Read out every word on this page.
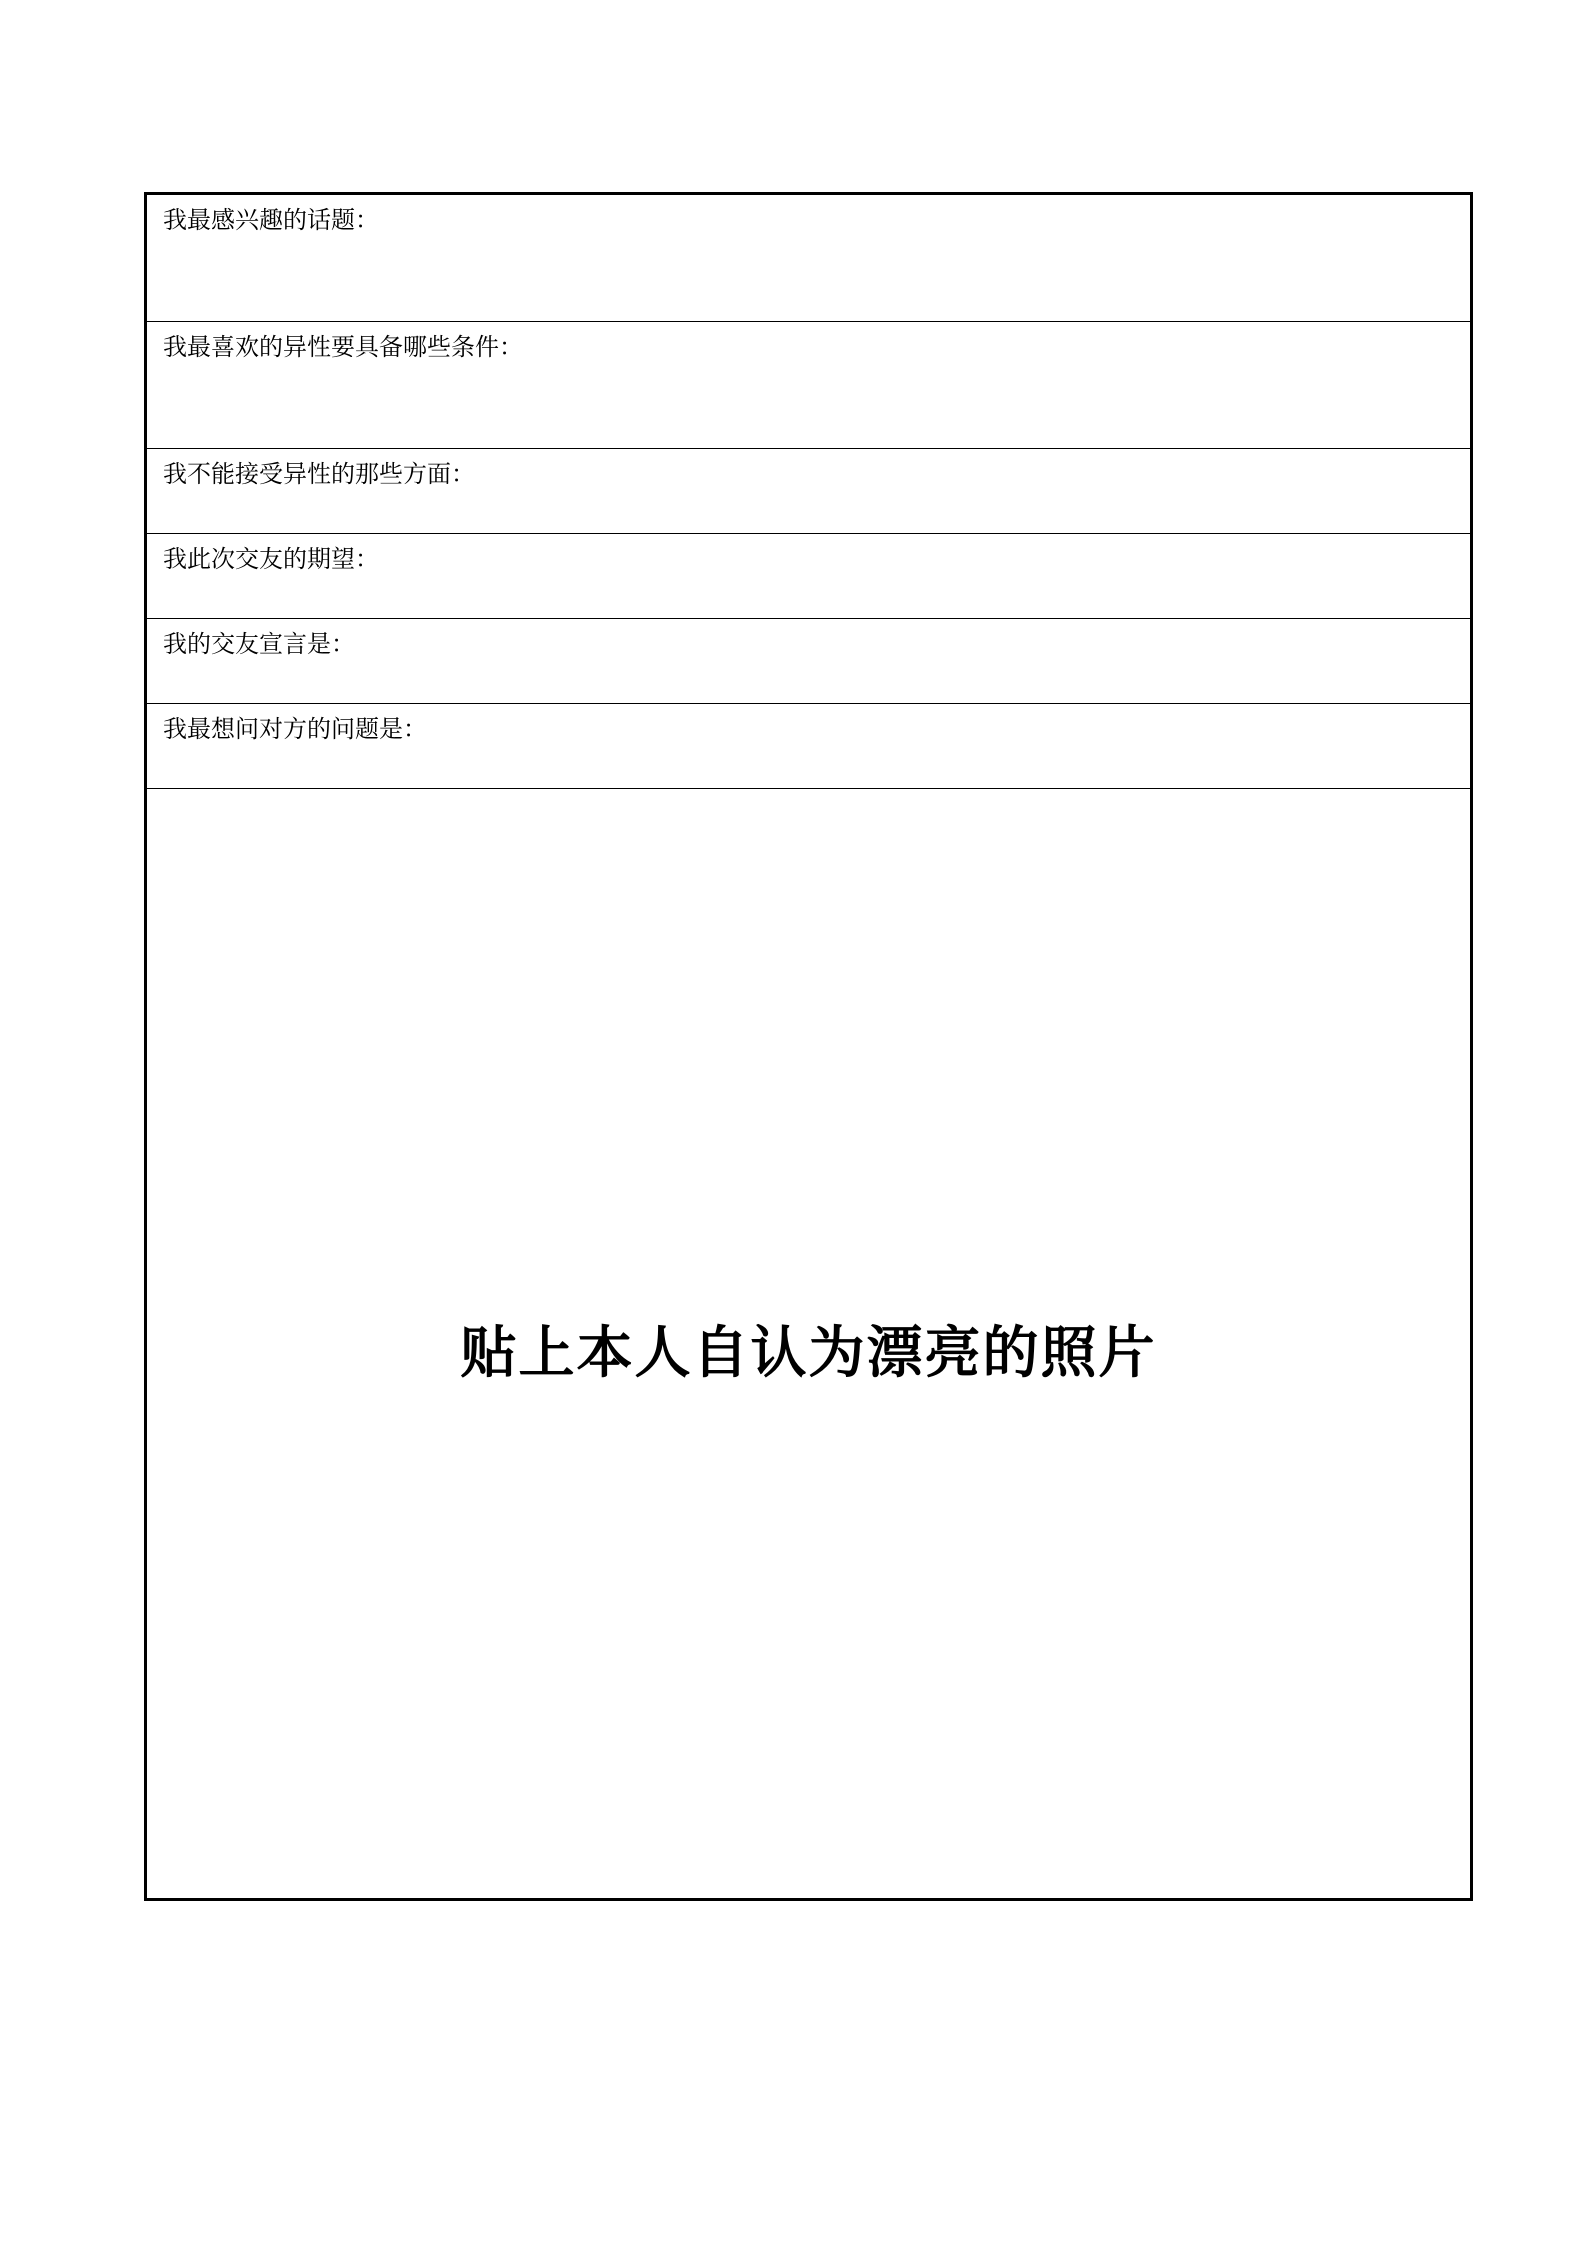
我最感兴趣的话题：
我最喜欢的异性要具备哪些条件：
我不能接受异性的那些方面：
我此次交友的期望：
我的交友宣言是：
我最想问对方的问题是：
贴上本人自认为漂亮的照片
